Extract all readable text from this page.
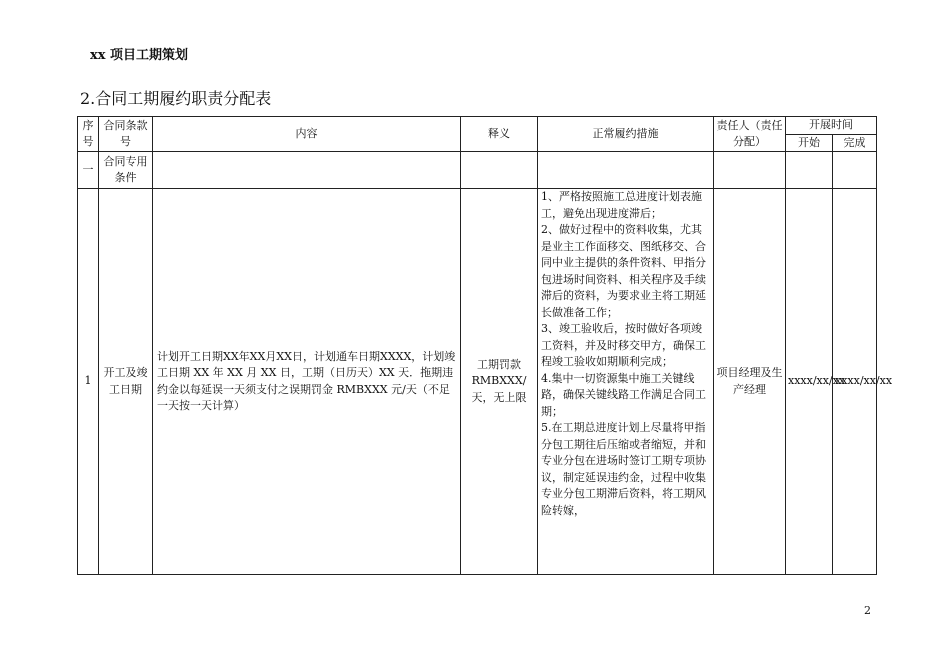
xx 项目工期策划
2.合同工期履约职责分配表
序号	合同条款号	内容	释义	正常履约措施	责任人（责任分配）	开展时间	
						开始	完成
一	合同专用条件						
1	开工及竣工日期	计划开工日期XX年XX月XX日，计划通车日期XXXX，计划竣工日期 XX 年 XX 月 XX 日，工期（日历天）XX 天．拖期违约金以每延误一天须支付之误期罚金 RMBXXX 元/天（不足一天按一天计算）	工期罚款RMBXXX/天，无上限	1、严格按照施工总进度计划表施工，避免出现进度滞后；
2、做好过程中的资料收集，尤其是业主工作面移交、图纸移交、合同中业主提供的条件资料、甲指分包进场时间资料、相关程序及手续滞后的资料，为要求业主将工期延长做准备工作；
3、竣工验收后，按时做好各项竣工资料，并及时移交甲方，确保工程竣工验收如期顺利完成；
4.集中一切资源集中施工关键线路，确保关键线路工作满足合同工期；
5.在工期总进度计划上尽量将甲指分包工期往后压缩或者缩短，并和专业分包在进场时签订工期专项协议，制定延误违约金，过程中收集专业分包工期滞后资料，将工期风险转嫁，	项目经理及生产经理	xxxx/xx/xx	xxxx/xx/xx
2
